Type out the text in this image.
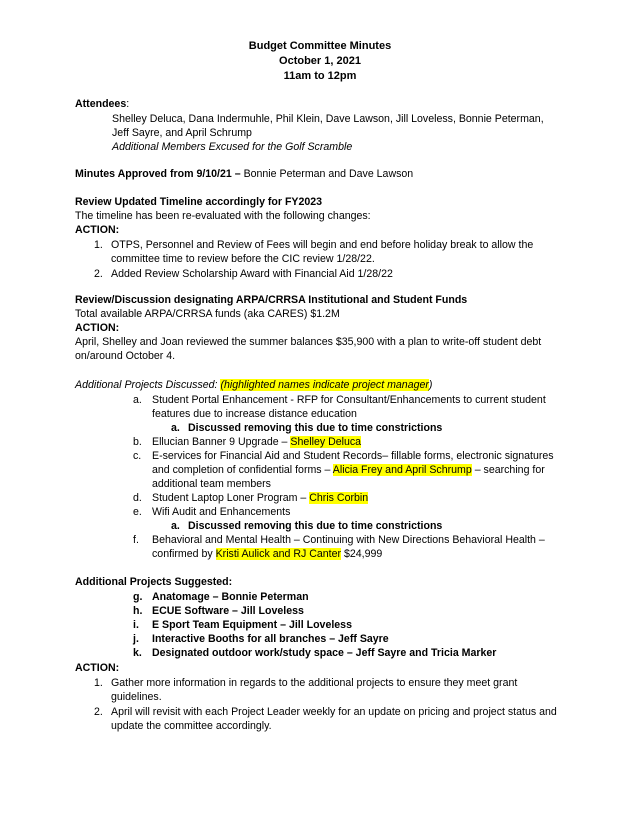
Budget Committee Minutes
October 1, 2021
11am to 12pm
Attendees:
Shelley Deluca, Dana Indermuhle, Phil Klein, Dave Lawson, Jill Loveless, Bonnie Peterman,
Jeff Sayre, and April Schrump
Additional Members Excused for the Golf Scramble
Minutes Approved from 9/10/21 – Bonnie Peterman and Dave Lawson
Review Updated Timeline accordingly for FY2023
The timeline has been re-evaluated with the following changes:
ACTION:
1. OTPS, Personnel and Review of Fees will begin and end before holiday break to allow the
committee time to review before the CIC review 1/28/22.
2. Added Review Scholarship Award with Financial Aid 1/28/22
Review/Discussion designating ARPA/CRRSA Institutional and Student Funds
Total available ARPA/CRRSA funds (aka CARES) $1.2M
ACTION:
April, Shelley and Joan reviewed the summer balances $35,900 with a plan to write-off student debt
on/around October 4.
Additional Projects Discussed: (highlighted names indicate project manager)
a. Student Portal Enhancement - RFP for Consultant/Enhancements to current student
features due to increase distance education
a. Discussed removing this due to time constrictions
b. Ellucian Banner 9 Upgrade – Shelley Deluca
c. E-services for Financial Aid and Student Records– fillable forms, electronic signatures
and completion of confidential forms – Alicia Frey and April Schrump – searching for
additional team members
d. Student Laptop Loner Program – Chris Corbin
e. Wifi Audit and Enhancements
a. Discussed removing this due to time constrictions
f. Behavioral and Mental Health – Continuing with New Directions Behavioral Health –
confirmed by Kristi Aulick and RJ Canter $24,999
Additional Projects Suggested:
g. Anatomage – Bonnie Peterman
h. ECUE Software – Jill Loveless
i. E Sport Team Equipment – Jill Loveless
j. Interactive Booths for all branches – Jeff Sayre
k. Designated outdoor work/study space – Jeff Sayre and Tricia Marker
ACTION:
1. Gather more information in regards to the additional projects to ensure they meet grant
guidelines.
2. April will revisit with each Project Leader weekly for an update on pricing and project status and
update the committee accordingly.
